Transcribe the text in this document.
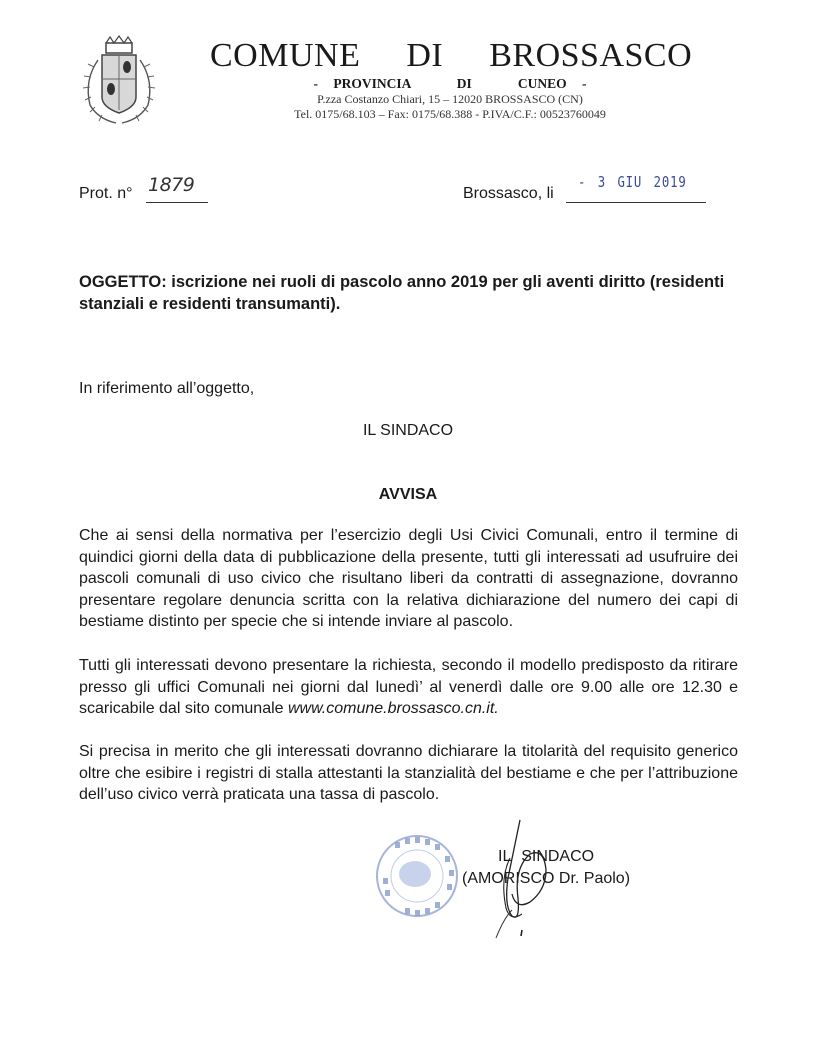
COMUNE  DI  BROSSASCO
- PROVINCIA   DI   CUNEO -
P.zza Costanzo Chiari, 15 – 12020 BROSSASCO (CN)
Tel. 0175/68.103 – Fax: 0175/68.388 - P.IVA/C.F.: 00523760049
Prot. n° 1879	Brossasco, li
- 3 GIU 2019
OGGETTO: iscrizione nei ruoli di pascolo anno 2019 per gli aventi diritto (residenti stanziali e residenti transumanti).
In riferimento all’oggetto,
IL SINDACO
AVVISA
Che ai sensi della normativa per l’esercizio degli Usi Civici Comunali, entro il termine di quindici giorni della data di pubblicazione della presente, tutti gli interessati ad usufruire dei pascoli comunali di uso civico che risultano liberi da contratti di assegnazione, dovranno presentare regolare denuncia scritta con la relativa dichiarazione del numero dei capi di bestiame distinto per specie che si intende inviare al pascolo.
Tutti gli interessati devono presentare la richiesta, secondo il modello predisposto da ritirare presso gli uffici Comunali nei giorni dal lunedì’ al venerdì dalle ore 9.00 alle ore 12.30 e scaricabile dal sito comunale www.comune.brossasco.cn.it.
Si precisa in merito che gli interessati dovranno dichiarare la titolarità del requisito generico oltre che esibire i registri di stalla attestanti la stanzialità del bestiame e che per l’attribuzione dell’uso civico verrà praticata una tassa di pascolo.
IL SINDACO
(AMORISCO Dr. Paolo)
